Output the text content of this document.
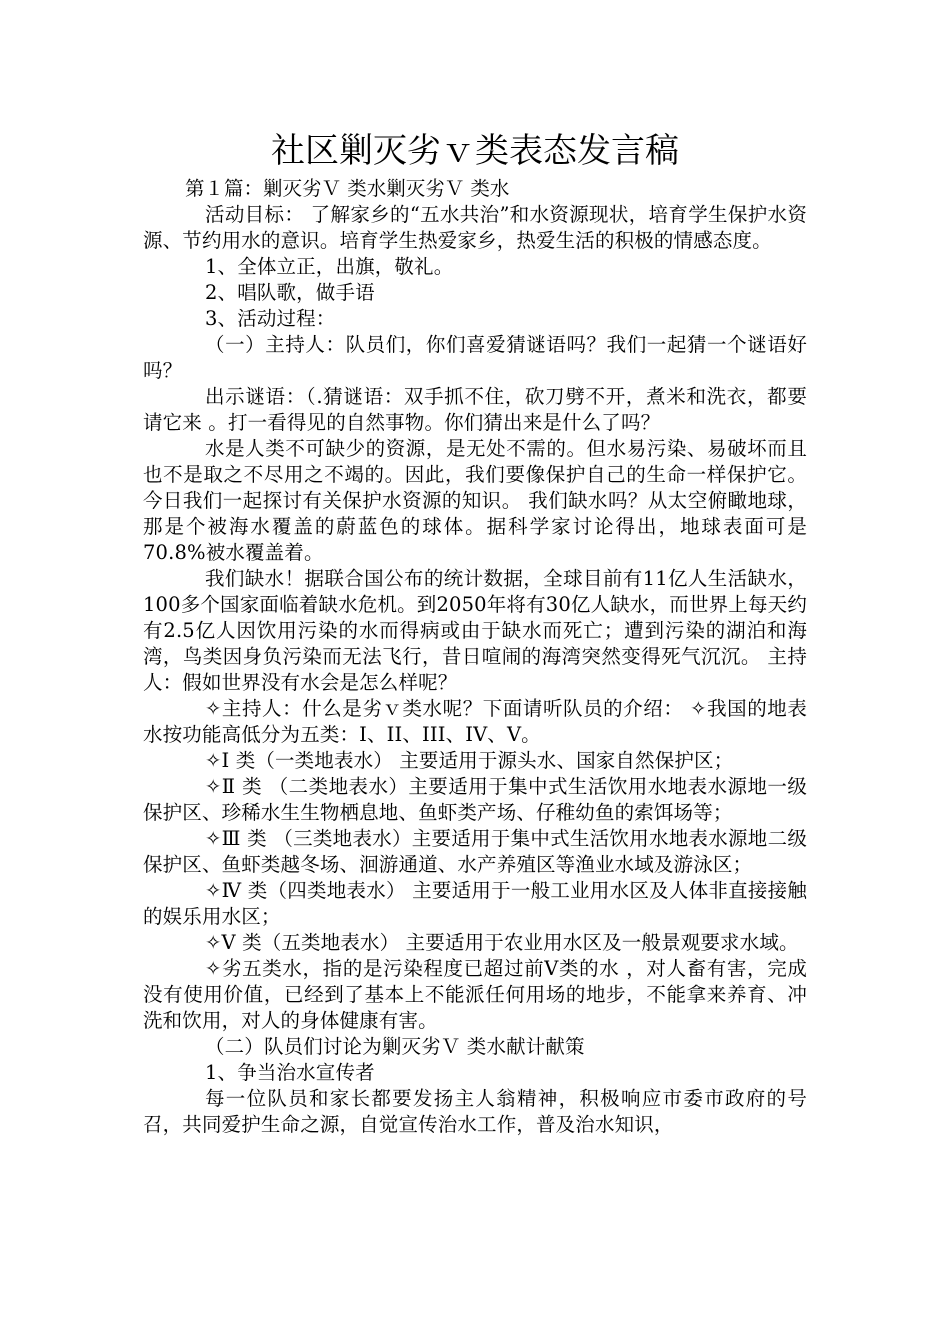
社区剿灭劣ｖ类表态发言稿
第１篇：剿灭劣Ｖ 类水剿灭劣Ｖ 类水

活动目标： 了解家乡的“五水共治”和水资源现状，培育学生保护水资源、节约用水的意识。培育学生热爱家乡，热爱生活的积极的情感态度。

1、全体立正，出旗，敬礼。

2、唱队歌，做手语

3、活动过程：

（一）主持人：队员们，你们喜爱猜谜语吗？我们一起猜一个谜语好吗？

出示谜语：（.猜谜语：双手抓不住，砍刀劈不开，煮米和洗衣，都要请它来 。打一看得见的自然事物。你们猜出来是什么了吗？

水是人类不可缺少的资源，是无处不需的。但水易污染、易破坏而且也不是取之不尽用之不竭的。因此，我们要像保护自己的生命一样保护它。今日我们一起探讨有关保护水资源的知识。 我们缺水吗？从太空俯瞰地球，那是个被海水覆盖的蔚蓝色的球体。据科学家讨论得出，地球表面可是70.8%被水覆盖着。

我们缺水！据联合国公布的统计数据，全球目前有11亿人生活缺水，100多个国家面临着缺水危机。到2050年将有30亿人缺水，而世界上每天约有2.5亿人因饮用污染的水而得病或由于缺水而死亡；遭到污染的湖泊和海湾，鸟类因身负污染而无法飞行，昔日喧闹的海湾突然变得死气沉沉。 主持人：假如世界没有水会是怎么样呢？

✧主持人：什么是劣ｖ类水呢？下面请听队员的介绍： ✧我国的地表水按功能高低分为五类：I、II、III、IV、V。

✧Ⅰ 类（一类地表水） 主要适用于源头水、国家自然保护区；

✧Ⅱ 类 （二类地表水）主要适用于集中式生活饮用水地表水源地一级保护区、珍稀水生生物栖息地、鱼虾类产场、仔稚幼鱼的索饵场等；

✧Ⅲ 类 （三类地表水）主要适用于集中式生活饮用水地表水源地二级保护区、鱼虾类越冬场、洄游通道、水产养殖区等渔业水域及游泳区；

✧Ⅳ 类（四类地表水） 主要适用于一般工业用水区及人体非直接接触的娱乐用水区；

✧Ⅴ 类（五类地表水） 主要适用于农业用水区及一般景观要求水域。

✧劣五类水，指的是污染程度已超过前Ⅴ类的水 ，对人畜有害，完成没有使用价值，已经到了基本上不能派任何用场的地步，不能拿来养育、冲洗和饮用，对人的身体健康有害。

（二）队员们讨论为剿灭劣Ｖ 类水献计献策

1、争当治水宣传者

每一位队员和家长都要发扬主人翁精神，积极响应市委市政府的号召，共同爱护生命之源，自觉宣传治水工作，普及治水知识，
